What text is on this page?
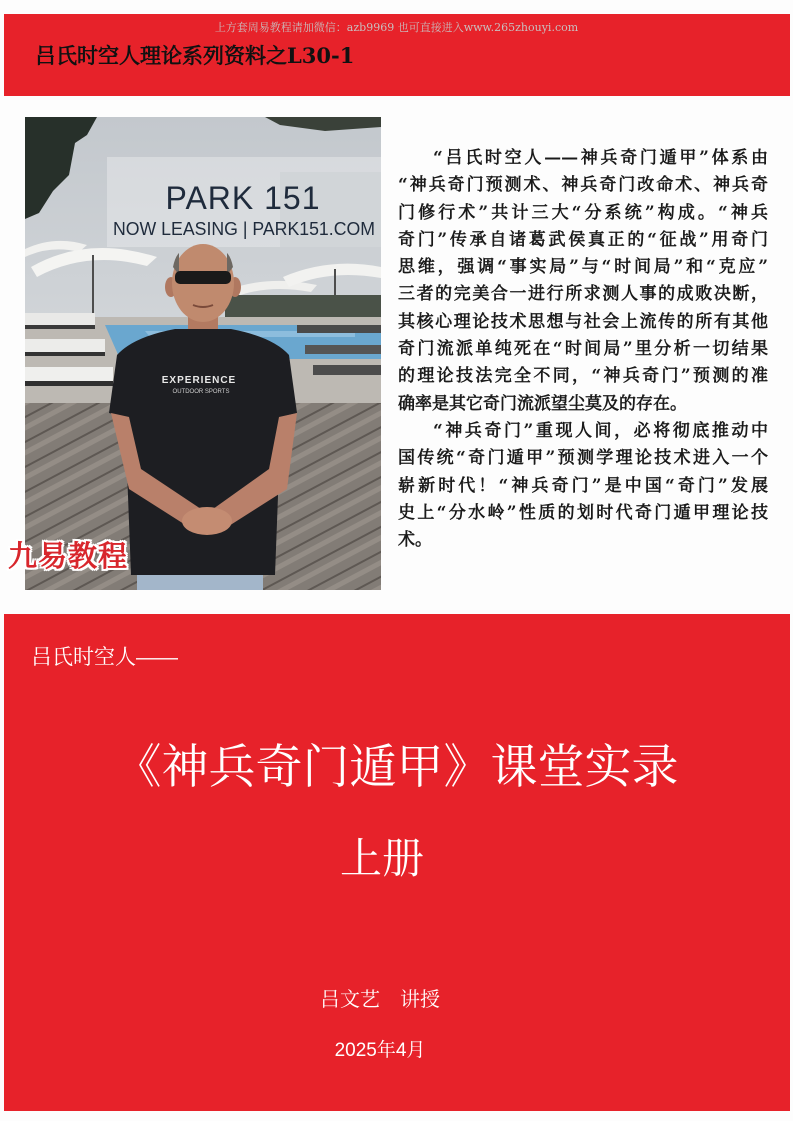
上方套周易教程请加微信：azb9969 也可直接进入www.265zhouyi.com
吕氏时空人理论系列资料之L30-1
PARK 151
NOW LEASING | PARK151.COM
EXPERIENCE
OUTDOOR SPORTS
九易教程
“吕氏时空人——神兵奇门遁甲”体系由
“神兵奇门预测术、神兵奇门改命术、神兵奇
门修行术”共计三大“分系统”构成。“神兵
奇门”传承自诸葛武侯真正的“征战”用奇门
思维，强调“事实局”与“时间局”和“克应”
三者的完美合一进行所求测人事的成败决断，
其核心理论技术思想与社会上流传的所有其他
奇门流派单纯死在“时间局”里分析一切结果
的理论技法完全不同，“神兵奇门”预测的准
确率是其它奇门流派望尘莫及的存在。
“神兵奇门”重现人间，必将彻底推动中
国传统“奇门遁甲”预测学理论技术进入一个
崭新时代！“神兵奇门”是中国“奇门”发展
史上“分水岭”性质的划时代奇门遁甲理论技
术。
吕氏时空人——
《神兵奇门遁甲》课堂实录
上册
吕文艺 讲授
2025年4月
